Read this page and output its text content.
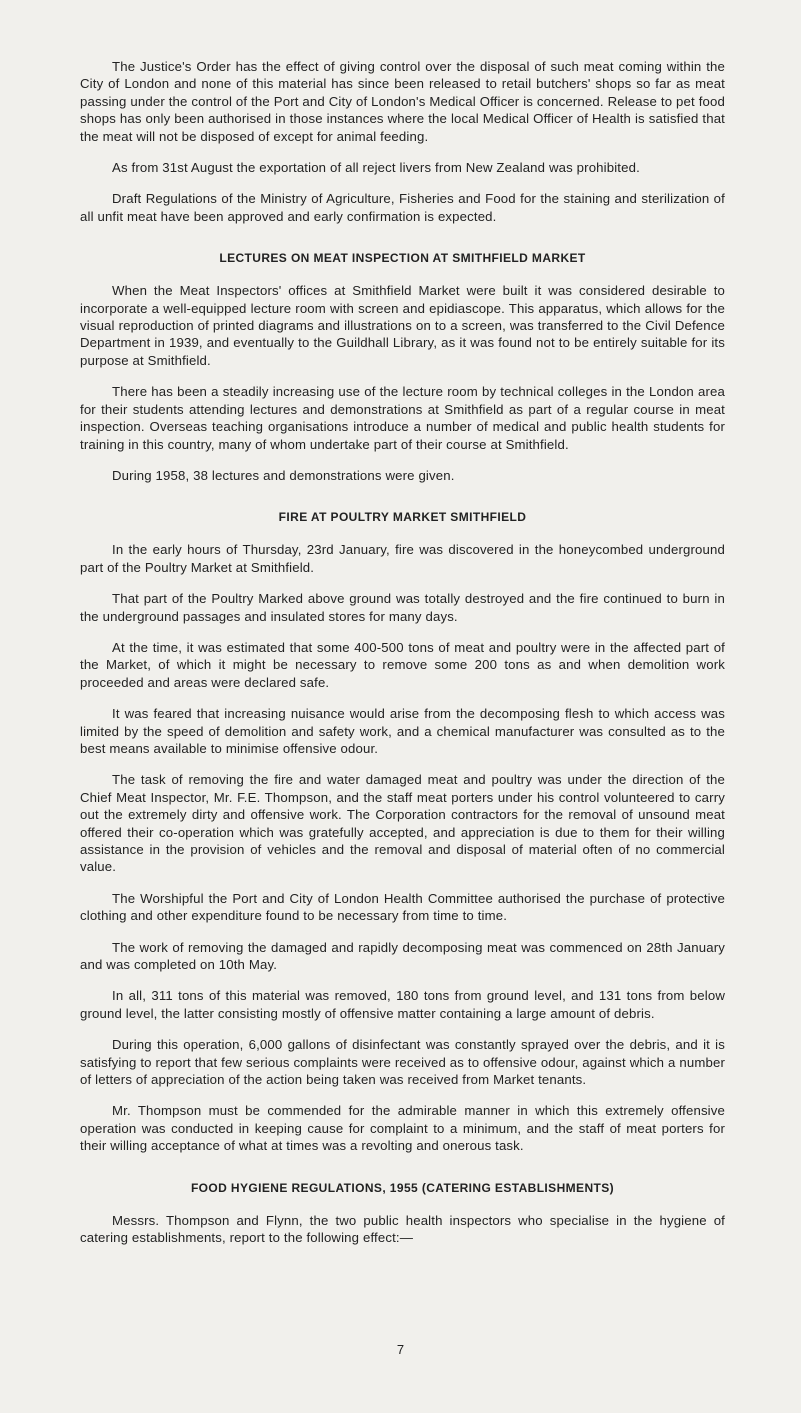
The Justice's Order has the effect of giving control over the disposal of such meat coming within the City of London and none of this material has since been released to retail butchers' shops so far as meat passing under the control of the Port and City of London's Medical Officer is concerned. Release to pet food shops has only been authorised in those instances where the local Medical Officer of Health is satisfied that the meat will not be disposed of except for animal feeding.

As from 31st August the exportation of all reject livers from New Zealand was prohibited.

Draft Regulations of the Ministry of Agriculture, Fisheries and Food for the staining and sterilization of all unfit meat have been approved and early confirmation is expected.

LECTURES ON MEAT INSPECTION AT SMITHFIELD MARKET

When the Meat Inspectors' offices at Smithfield Market were built it was considered desirable to incorporate a well-equipped lecture room with screen and epidiascope. This apparatus, which allows for the visual reproduction of printed diagrams and illustrations on to a screen, was transferred to the Civil Defence Department in 1939, and eventually to the Guildhall Library, as it was found not to be entirely suitable for its purpose at Smithfield.

There has been a steadily increasing use of the lecture room by technical colleges in the London area for their students attending lectures and demonstrations at Smithfield as part of a regular course in meat inspection. Overseas teaching organisations introduce a number of medical and public health students for training in this country, many of whom undertake part of their course at Smithfield.

During 1958, 38 lectures and demonstrations were given.

FIRE AT POULTRY MARKET SMITHFIELD

In the early hours of Thursday, 23rd January, fire was discovered in the honeycombed underground part of the Poultry Market at Smithfield.

That part of the Poultry Marked above ground was totally destroyed and the fire continued to burn in the underground passages and insulated stores for many days.

At the time, it was estimated that some 400-500 tons of meat and poultry were in the affected part of the Market, of which it might be necessary to remove some 200 tons as and when demolition work proceeded and areas were declared safe.

It was feared that increasing nuisance would arise from the decomposing flesh to which access was limited by the speed of demolition and safety work, and a chemical manufacturer was consulted as to the best means available to minimise offensive odour.

The task of removing the fire and water damaged meat and poultry was under the direction of the Chief Meat Inspector, Mr. F.E. Thompson, and the staff meat porters under his control volunteered to carry out the extremely dirty and offensive work. The Corporation contractors for the removal of unsound meat offered their co-operation which was gratefully accepted, and appreciation is due to them for their willing assistance in the provision of vehicles and the removal and disposal of material often of no commercial value.

The Worshipful the Port and City of London Health Committee authorised the purchase of protective clothing and other expenditure found to be necessary from time to time.

The work of removing the damaged and rapidly decomposing meat was commenced on 28th January and was completed on 10th May.

In all, 311 tons of this material was removed, 180 tons from ground level, and 131 tons from below ground level, the latter consisting mostly of offensive matter containing a large amount of debris.

During this operation, 6,000 gallons of disinfectant was constantly sprayed over the debris, and it is satisfying to report that few serious complaints were received as to offensive odour, against which a number of letters of appreciation of the action being taken was received from Market tenants.

Mr. Thompson must be commended for the admirable manner in which this extremely offensive operation was conducted in keeping cause for complaint to a minimum, and the staff of meat porters for their willing acceptance of what at times was a revolting and onerous task.

FOOD HYGIENE REGULATIONS, 1955 (CATERING ESTABLISHMENTS)

Messrs. Thompson and Flynn, the two public health inspectors who specialise in the hygiene of catering establishments, report to the following effect:—

7
